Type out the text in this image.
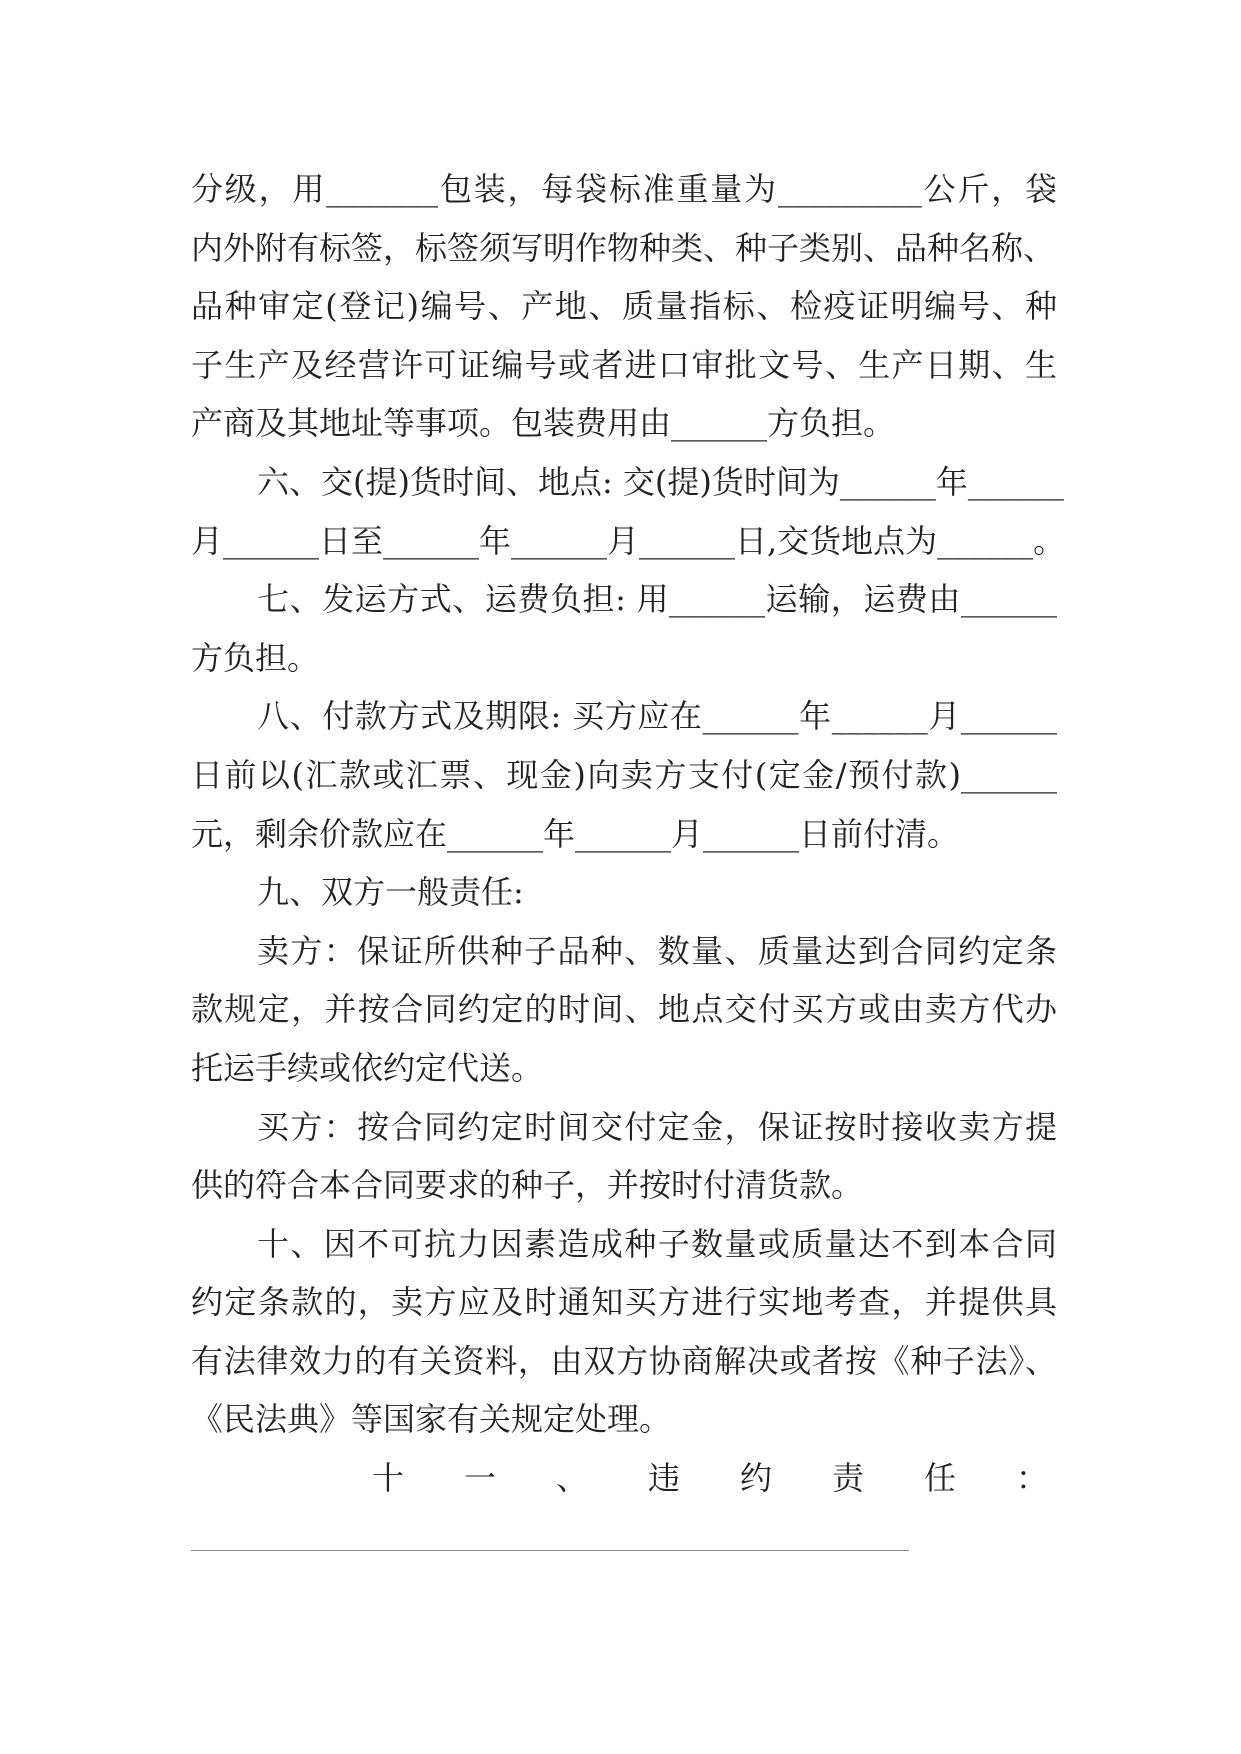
分级，用_______包装，每袋标准重量为_________公斤，袋
内外附有标签，标签须写明作物种类、种子类别、品种名称、
品种审定(登记)编号、产地、质量指标、检疫证明编号、种
子生产及经营许可证编号或者进口审批文号、生产日期、生
产商及其地址等事项。包装费用由______方负担。
六、交(提)货时间、地点: 交(提)货时间为______年______
月______日至______年______月______日,交货地点为______。
七、发运方式、运费负担: 用______运输，运费由______
方负担。
八、付款方式及期限: 买方应在______年______月______
日前以(汇款或汇票、现金)向卖方支付(定金/预付款)______
元，剩余价款应在______年______月______日前付清。
九、双方一般责任:
卖方：保证所供种子品种、数量、质量达到合同约定条
款规定，并按合同约定的时间、地点交付买方或由卖方代办
托运手续或依约定代送。
买方：按合同约定时间交付定金，保证按时接收卖方提
供的符合本合同要求的种子，并按时付清货款。
十、因不可抗力因素造成种子数量或质量达不到本合同
约定条款的，卖方应及时通知买方进行实地考查，并提供具
有法律效力的有关资料，由双方协商解决或者按《种子法》、
《民法典》等国家有关规定处理。
十一、违约责任：
